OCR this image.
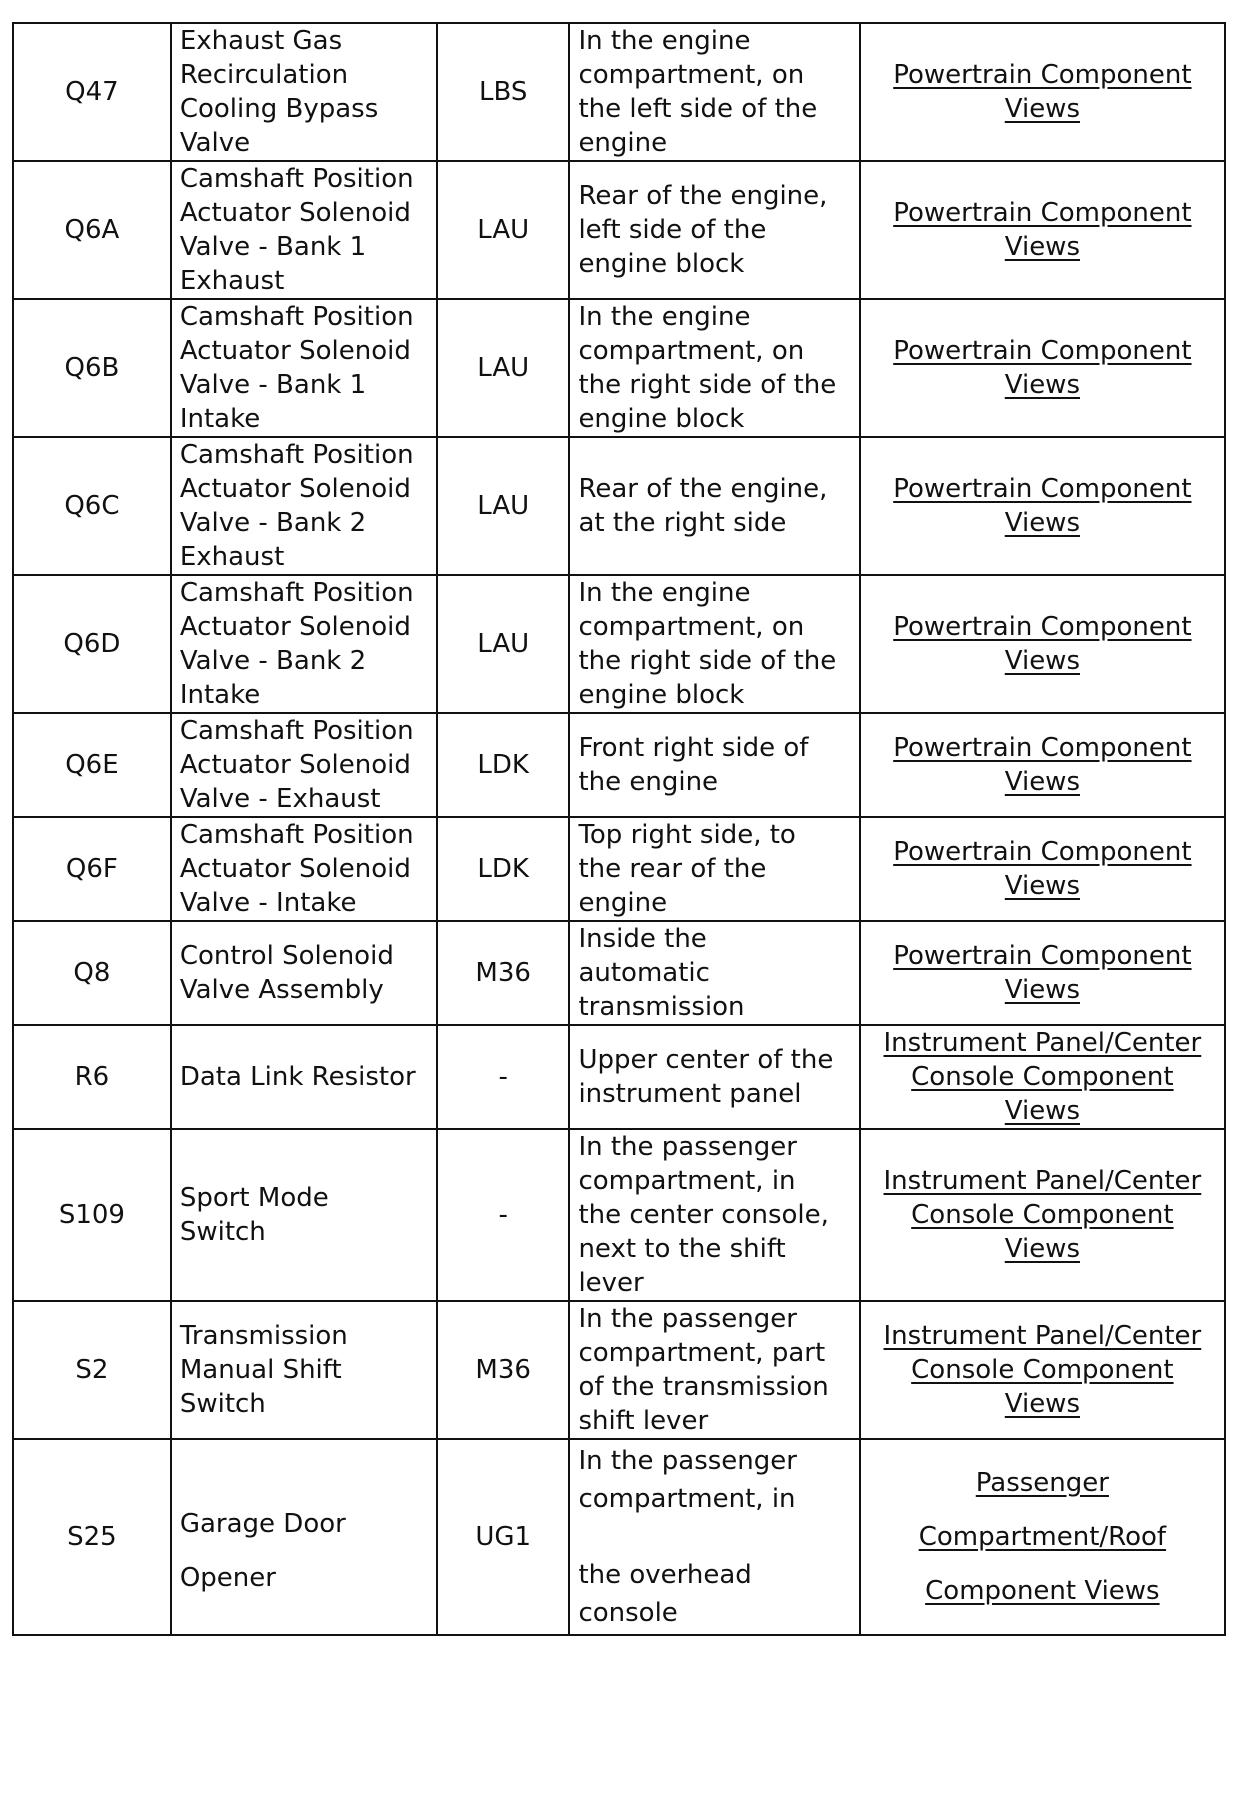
Q47	Exhaust Gas
Recirculation
Cooling Bypass
Valve	LBS	In the engine
compartment, on
the left side of the
engine	Powertrain Component
Views

Q6A	Camshaft Position
Actuator Solenoid
Valve - Bank 1
Exhaust	LAU	Rear of the engine,
left side of the
engine block	Powertrain Component
Views

Q6B	Camshaft Position
Actuator Solenoid
Valve - Bank 1
Intake	LAU	In the engine
compartment, on
the right side of the
engine block	Powertrain Component
Views

Q6C	Camshaft Position
Actuator Solenoid
Valve - Bank 2
Exhaust	LAU	Rear of the engine,
at the right side	Powertrain Component
Views

Q6D	Camshaft Position
Actuator Solenoid
Valve - Bank 2
Intake	LAU	In the engine
compartment, on
the right side of the
engine block	Powertrain Component
Views

Q6E	Camshaft Position
Actuator Solenoid
Valve - Exhaust	LDK	Front right side of
the engine	Powertrain Component
Views

Q6F	Camshaft Position
Actuator Solenoid
Valve - Intake	LDK	Top right side, to
the rear of the
engine	Powertrain Component
Views

Q8	Control Solenoid
Valve Assembly	M36	Inside the
automatic
transmission	Powertrain Component
Views

R6	Data Link Resistor	-	Upper center of the
instrument panel	Instrument Panel/Center
Console Component
Views

S109	Sport Mode
Switch	-	In the passenger
compartment, in
the center console,
next to the shift
lever	Instrument Panel/Center
Console Component
Views

S2	Transmission
Manual Shift
Switch	M36	In the passenger
compartment, part
of the transmission
shift lever	Instrument Panel/Center
Console Component
Views

S25	Garage Door
Opener	UG1	In the passenger
compartment, in

the overhead
console	Passenger
Compartment/Roof
Component Views
